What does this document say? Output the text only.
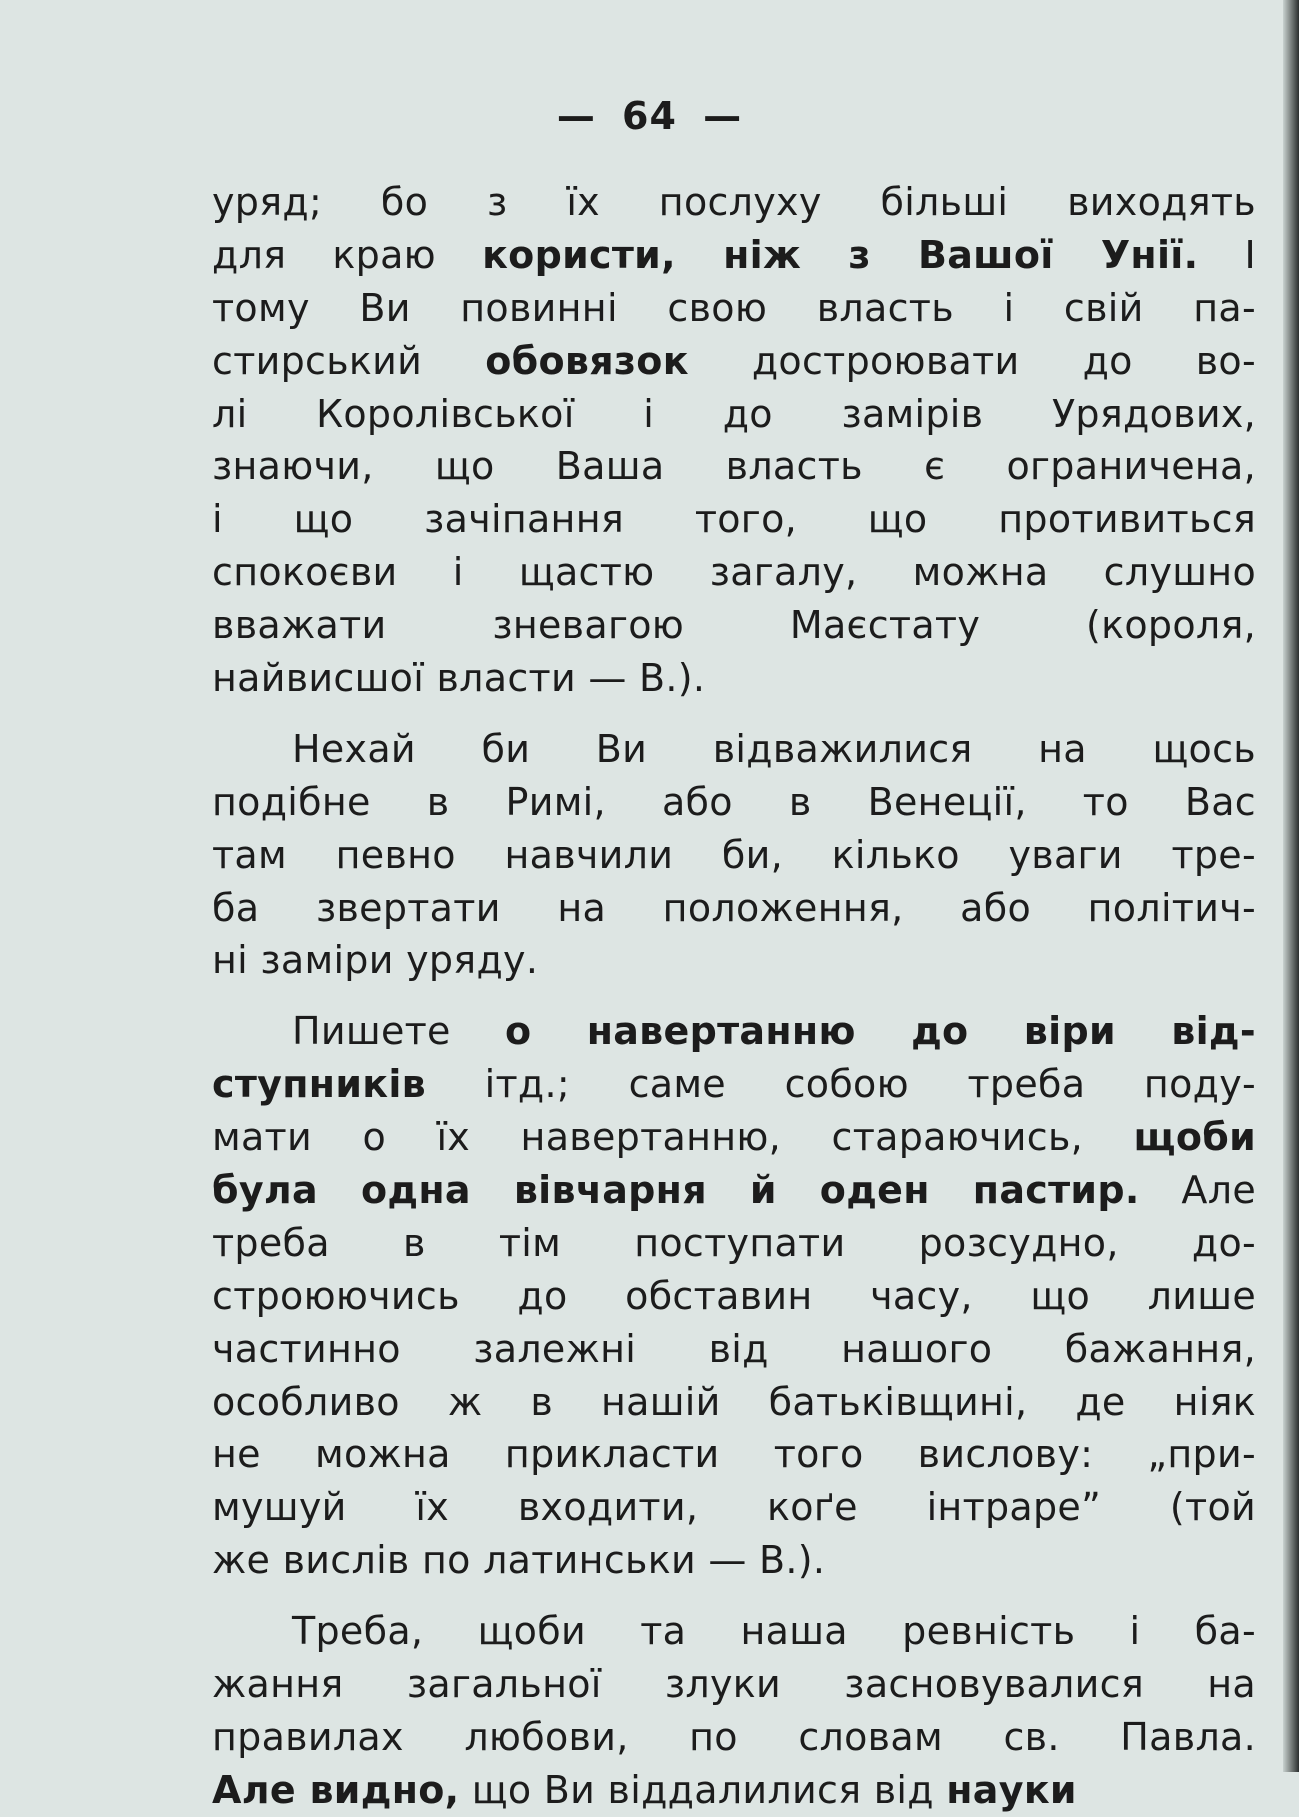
— 64 —
уряд; бо з їх послуху більші виходять
для краю користи, ніж з Вашої Унії. І
тому Ви повинні свою власть і свій па-
стирський обовязок достроювати до во-
лі Королівської і до замірів Урядових,
знаючи, що Ваша власть є ограничена,
і що зачіпання того, що противиться
спокоєви і щастю загалу, можна слушно
вважати зневагою Маєстату (короля,
найвисшої власти — В.).
Нехай би Ви відважилися на щось
подібне в Римі, або в Венеції, то Вас
там певно навчили би, кілько уваги тре-
ба звертати на положення, або політич-
ні заміри уряду.
Пишете о навертанню до віри від-
ступників ітд.; саме собою треба поду-
мати о їх навертанню, стараючись, щоби
була одна вівчарня й оден пастир. Але
треба в тім поступати розсудно, до-
строюючись до обставин часу, що лише
частинно залежні від нашого бажання,
особливо ж в нашій батьківщині, де ніяк
не можна прикласти того вислову: „при-
мушуй їх входити, коґе інтраре” (той
же вислів по латинськи — В.).
Треба, щоби та наша ревність і ба-
жання загальної злуки засновувалися на
правилах любови, по словам св. Павла.
Але видно, що Ви віддалилися від науки
